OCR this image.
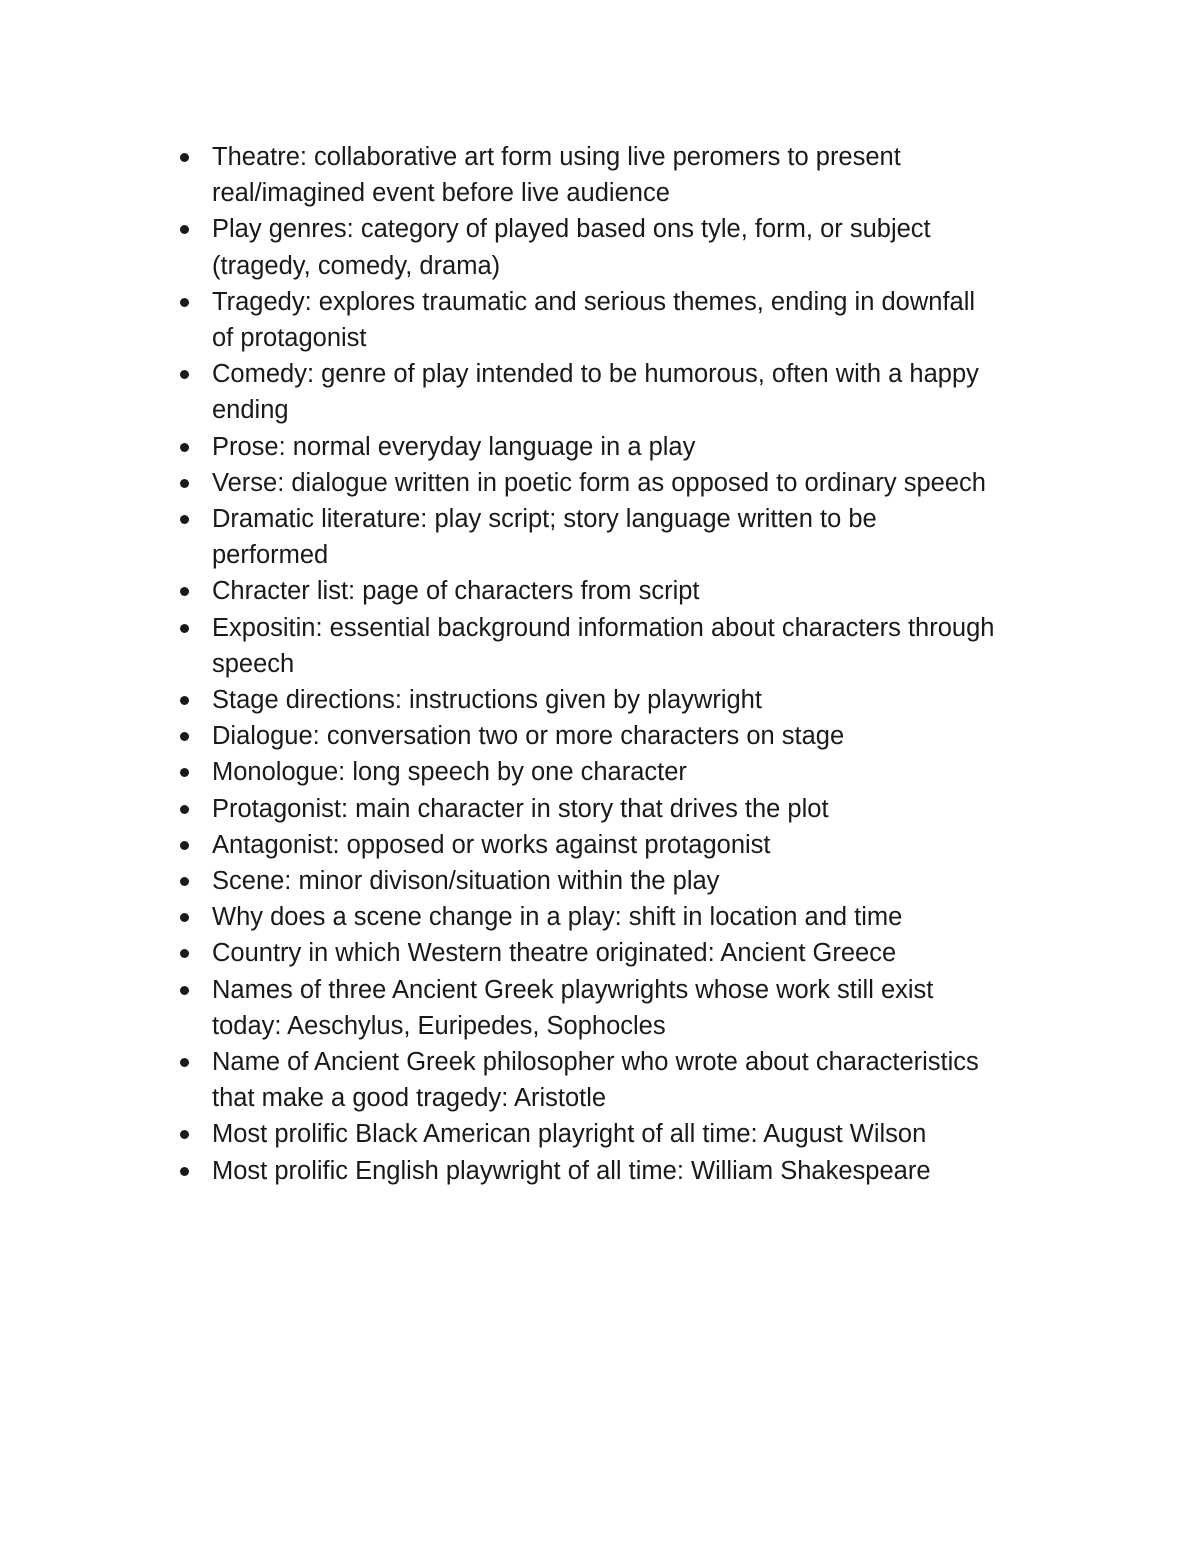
Theatre: collaborative art form using live peromers to present
real/imagined event before live audience
Play genres: category of played based ons tyle, form, or subject
(tragedy, comedy, drama)
Tragedy: explores traumatic and serious themes, ending in downfall
of protagonist
Comedy: genre of play intended to be humorous, often with a happy
ending
Prose: normal everyday language in a play
Verse: dialogue written in poetic form as opposed to ordinary speech
Dramatic literature: play script; story language written to be
performed
Chracter list: page of characters from script
Expositin: essential background information about characters through
speech
Stage directions: instructions given by playwright
Dialogue: conversation two or more characters on stage
Monologue: long speech by one character
Protagonist: main character in story that drives the plot
Antagonist: opposed or works against protagonist
Scene: minor divison/situation within the play
Why does a scene change in a play: shift in location and time
Country in which Western theatre originated: Ancient Greece
Names of three Ancient Greek playwrights whose work still exist
today: Aeschylus, Euripedes, Sophocles
Name of Ancient Greek philosopher who wrote about characteristics
that make a good tragedy: Aristotle
Most prolific Black American playright of all time: August Wilson
Most prolific English playwright of all time: William Shakespeare
